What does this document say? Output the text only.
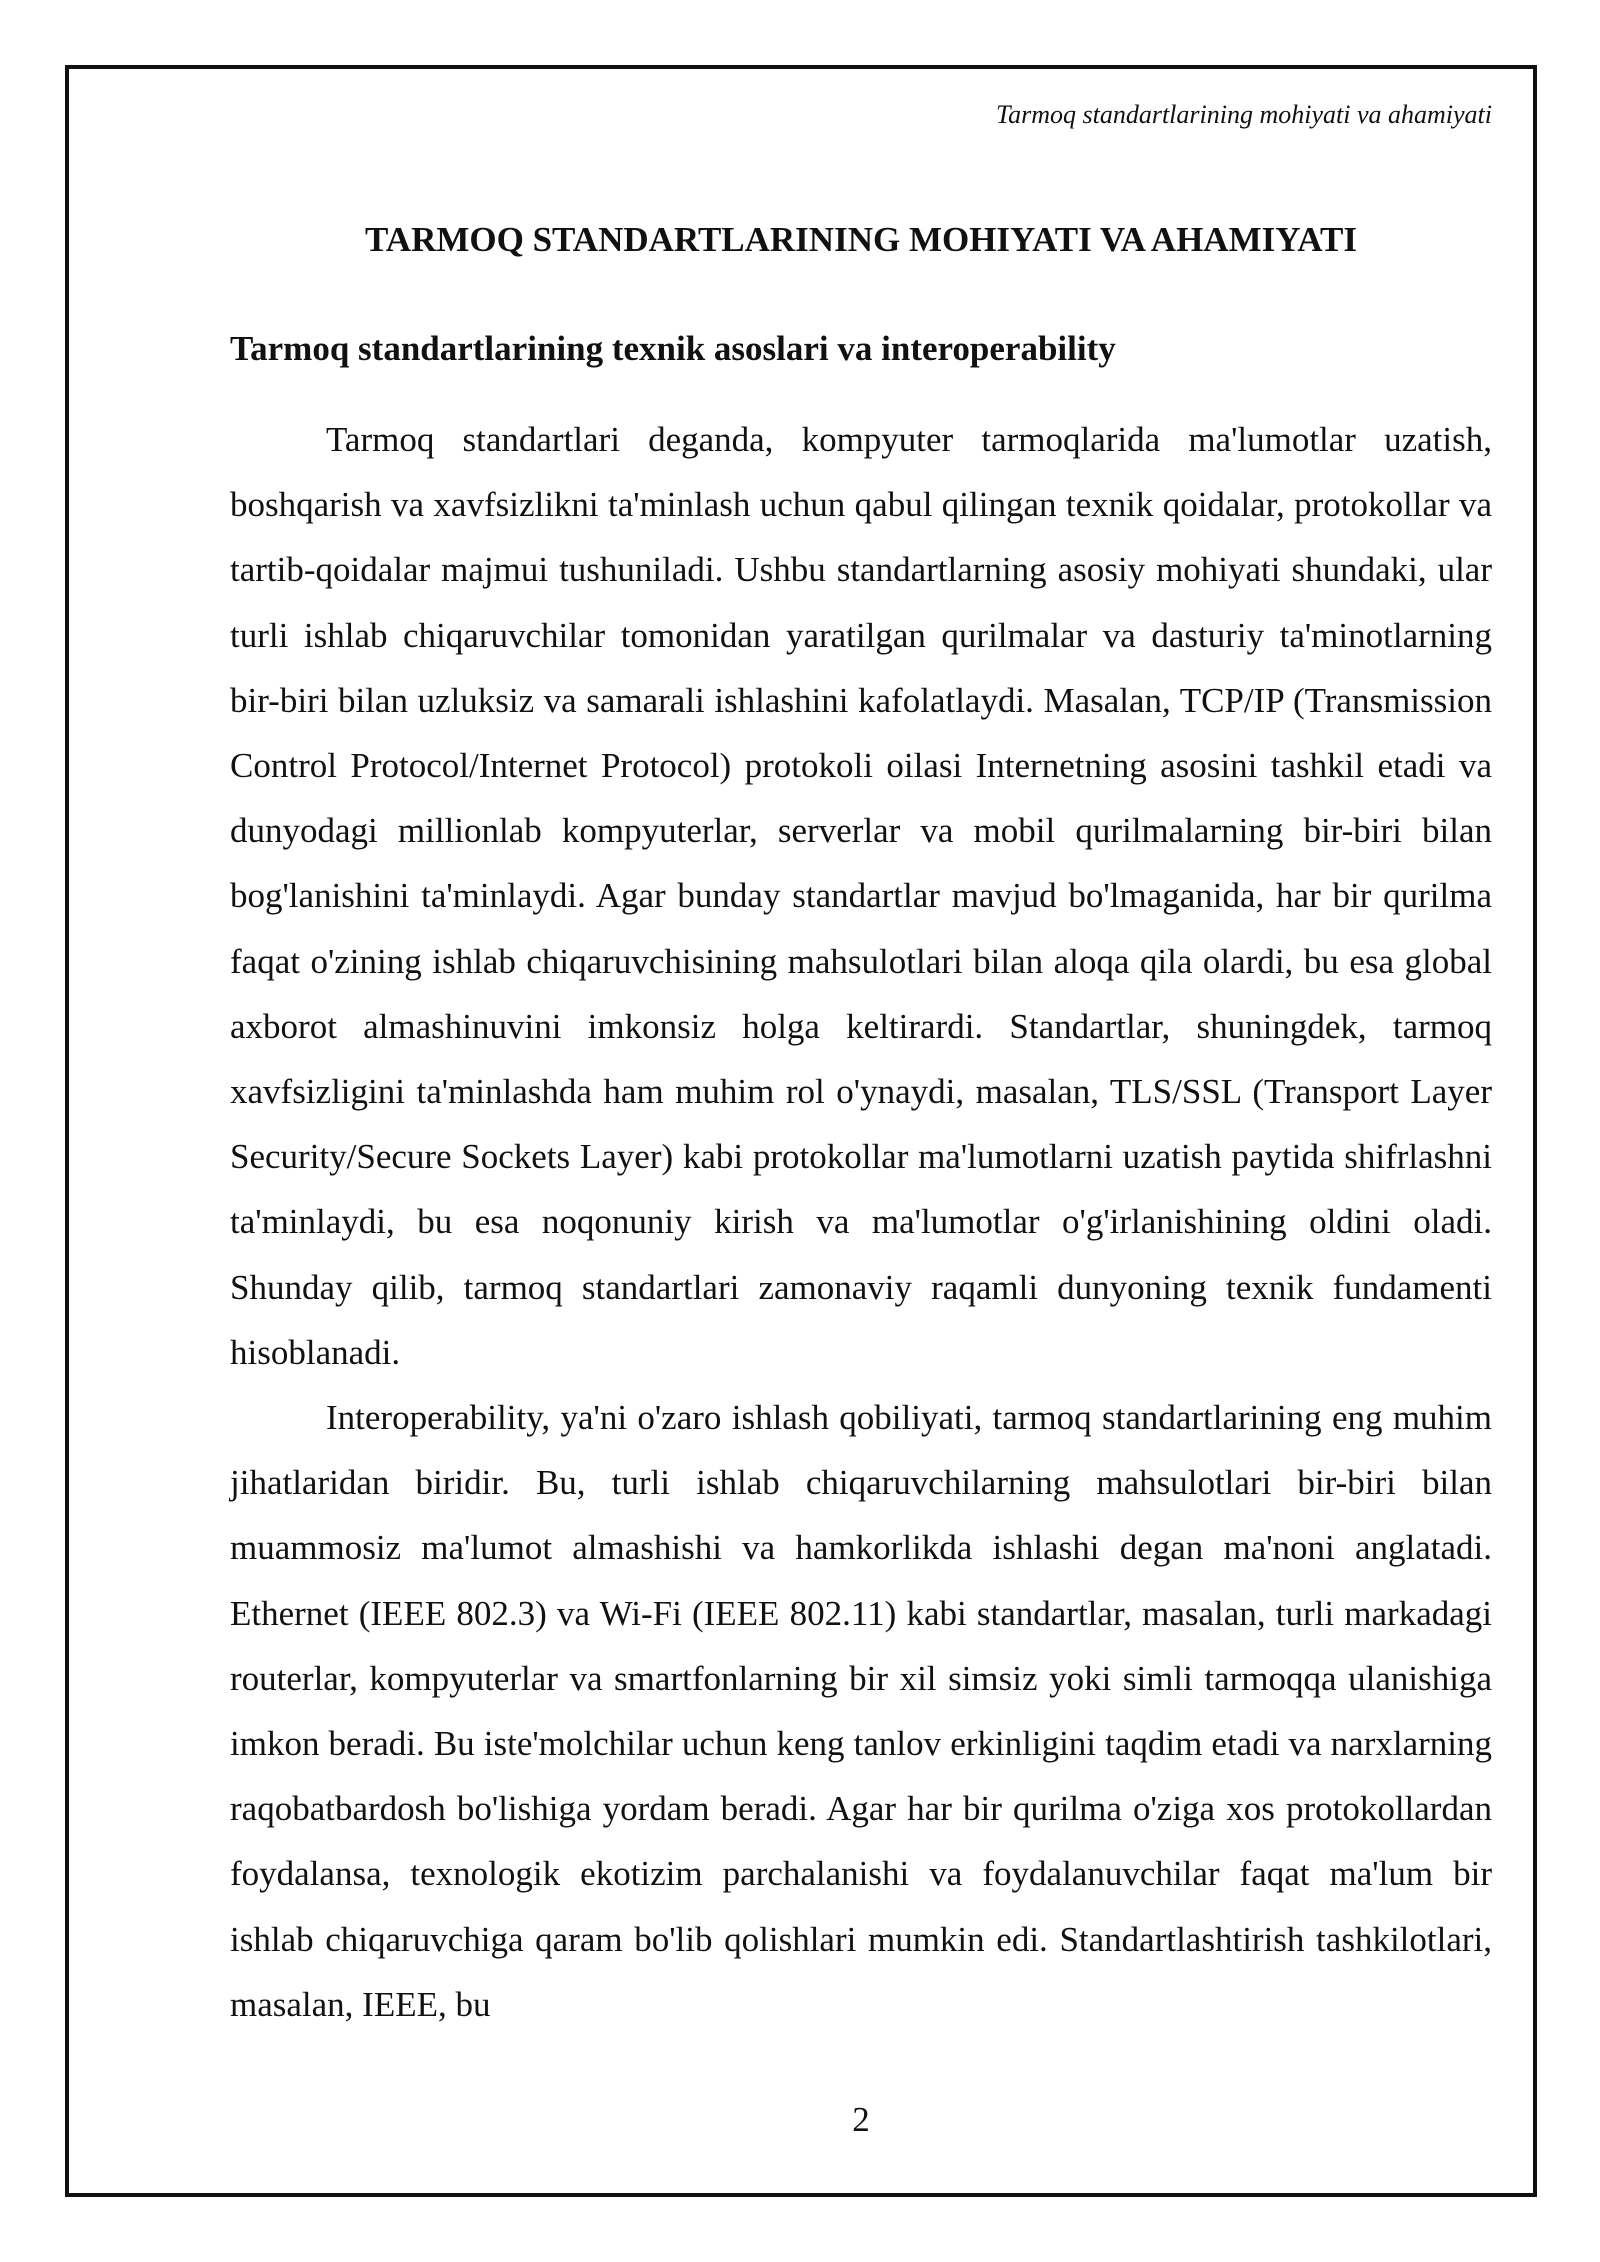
Tarmoq standartlarining mohiyati va ahamiyati
TARMOQ STANDARTLARINING MOHIYATI VA AHAMIYATI
Tarmoq standartlarining texnik asoslari va interoperability

Tarmoq standartlari deganda, kompyuter tarmoqlarida ma'lumotlar uzatish, boshqarish va xavfsizlikni ta'minlash uchun qabul qilingan texnik qoidalar, protokollar va tartib-qoidalar majmui tushuniladi. Ushbu standartlarning asosiy mohiyati shundaki, ular turli ishlab chiqaruvchilar tomonidan yaratilgan qurilmalar va dasturiy ta'minotlarning bir-biri bilan uzluksiz va samarali ishlashini kafolatlaydi. Masalan, TCP/IP (Transmission Control Protocol/Internet Protocol) protokoli oilasi Internetning asosini tashkil etadi va dunyodagi millionlab kompyuterlar, serverlar va mobil qurilmalarning bir-biri bilan bog'lanishini ta'minlaydi. Agar bunday standartlar mavjud bo'lmaganida, har bir qurilma faqat o'zining ishlab chiqaruvchisining mahsulotlari bilan aloqa qila olardi, bu esa global axborot almashinuvini imkonsiz holga keltirardi. Standartlar, shuningdek, tarmoq xavfsizligini ta'minlashda ham muhim rol o'ynaydi, masalan, TLS/SSL (Transport Layer Security/Secure Sockets Layer) kabi protokollar ma'lumotlarni uzatish paytida shifrlashni ta'minlaydi, bu esa noqonuniy kirish va ma'lumotlar o'g'irlanishining oldini oladi. Shunday qilib, tarmoq standartlari zamonaviy raqamli dunyoning texnik fundamenti hisoblanadi.

Interoperability, ya'ni o'zaro ishlash qobiliyati, tarmoq standartlarining eng muhim jihatlaridan biridir. Bu, turli ishlab chiqaruvchilarning mahsulotlari bir-biri bilan muammosiz ma'lumot almashishi va hamkorlikda ishlashi degan ma'noni anglatadi. Ethernet (IEEE 802.3) va Wi-Fi (IEEE 802.11) kabi standartlar, masalan, turli markadagi routerlar, kompyuterlar va smartfonlarning bir xil simsiz yoki simli tarmoqqa ulanishiga imkon beradi. Bu iste'molchilar uchun keng tanlov erkinligini taqdim etadi va narxlarning raqobatbardosh bo'lishiga yordam beradi. Agar har bir qurilma o'ziga xos protokollardan foydalansa, texnologik ekotizim parchalanishi va foydalanuvchilar faqat ma'lum bir ishlab chiqaruvchiga qaram bo'lib qolishlari mumkin edi. Standartlashtirish tashkilotlari, masalan, IEEE, bu

2
